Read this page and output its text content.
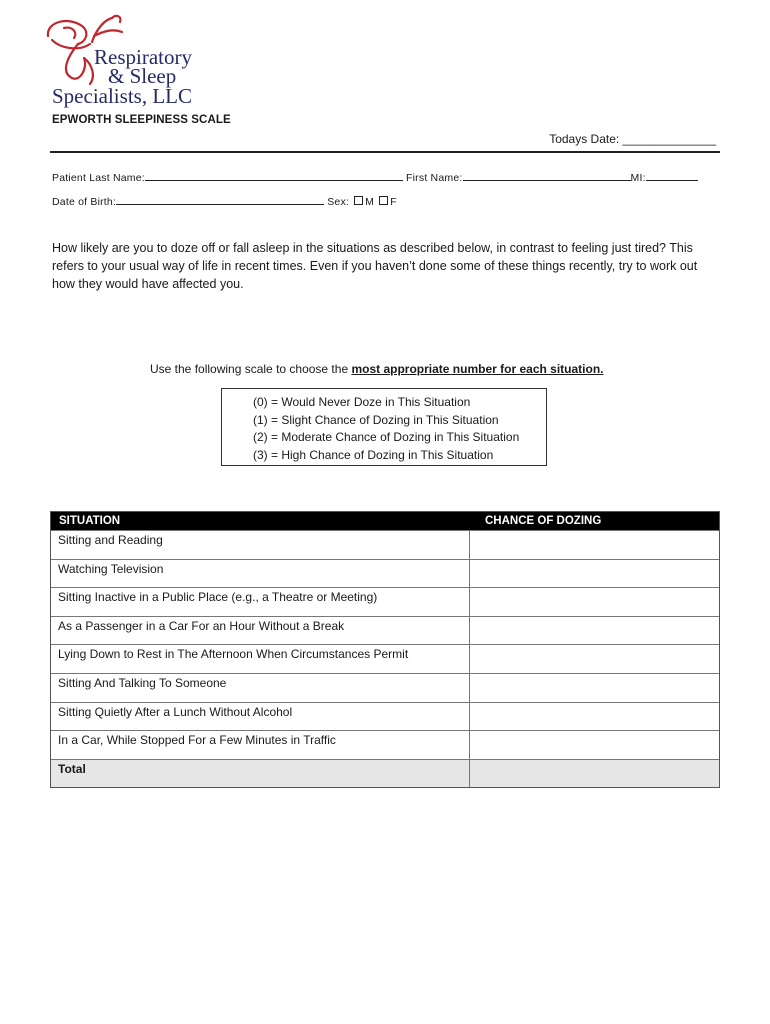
Respiratory
& Sleep
Specialists, LLC
EPWORTH SLEEPINESS SCALE
Todays Date: ______________
Patient Last Name:	First Name:	MI:
Date of Birth:	Sex: M F
How likely are you to doze off or fall asleep in the situations as described below, in contrast to feeling just tired? This refers to your usual way of life in recent times. Even if you haven’t done some of these things recently, try to work out how they would have affected you.
Use the following scale to choose the most appropriate number for each situation.
(0) = Would Never Doze in This Situation
(1) = Slight Chance of Dozing in This Situation
(2) = Moderate Chance of Dozing in This Situation
(3) = High Chance of Dozing in This Situation
SITUATION	CHANCE OF DOZING
Sitting and Reading
Watching Television
Sitting Inactive in a Public Place (e.g., a Theatre or Meeting)
As a Passenger in a Car For an Hour Without a Break
Lying Down to Rest in The Afternoon When Circumstances Permit
Sitting And Talking To Someone
Sitting Quietly After a Lunch Without Alcohol
In a Car, While Stopped For a Few Minutes in Traffic
Total
